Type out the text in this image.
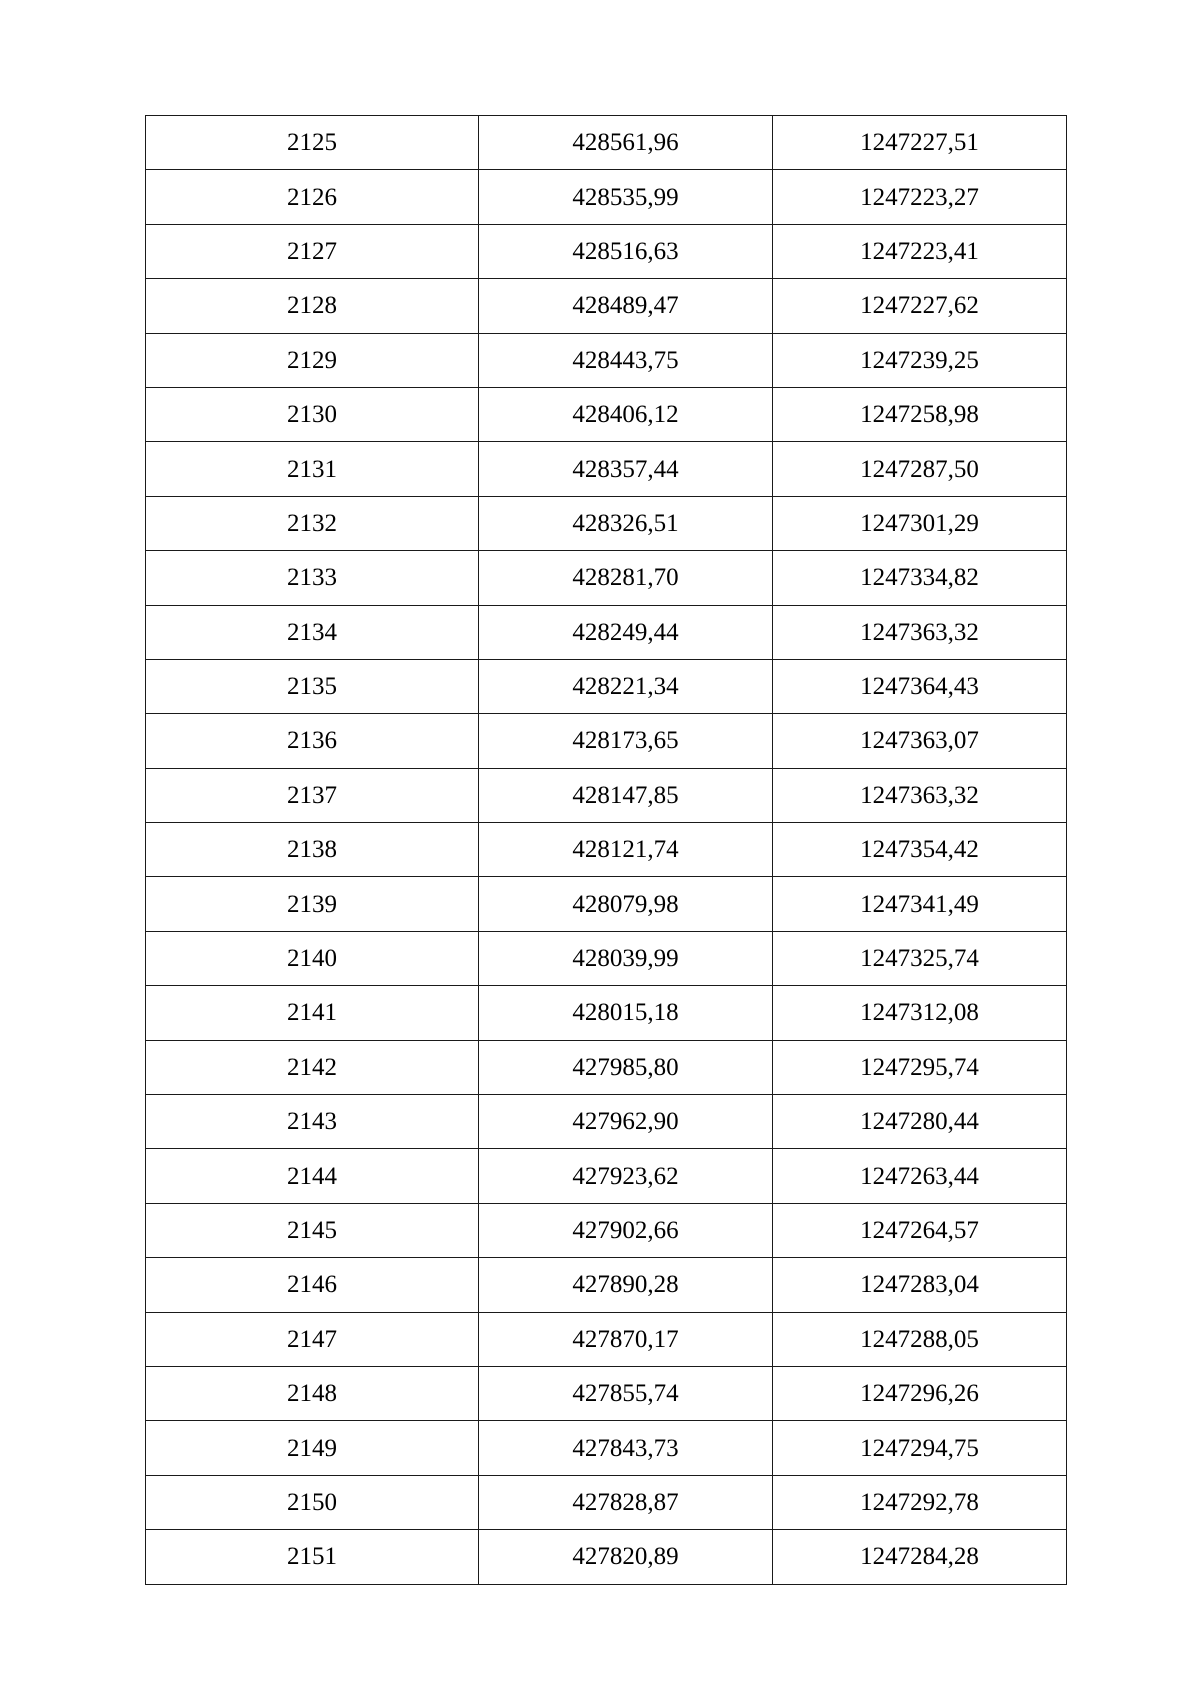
2125	428561,96	1247227,51
2126	428535,99	1247223,27
2127	428516,63	1247223,41
2128	428489,47	1247227,62
2129	428443,75	1247239,25
2130	428406,12	1247258,98
2131	428357,44	1247287,50
2132	428326,51	1247301,29
2133	428281,70	1247334,82
2134	428249,44	1247363,32
2135	428221,34	1247364,43
2136	428173,65	1247363,07
2137	428147,85	1247363,32
2138	428121,74	1247354,42
2139	428079,98	1247341,49
2140	428039,99	1247325,74
2141	428015,18	1247312,08
2142	427985,80	1247295,74
2143	427962,90	1247280,44
2144	427923,62	1247263,44
2145	427902,66	1247264,57
2146	427890,28	1247283,04
2147	427870,17	1247288,05
2148	427855,74	1247296,26
2149	427843,73	1247294,75
2150	427828,87	1247292,78
2151	427820,89	1247284,28
